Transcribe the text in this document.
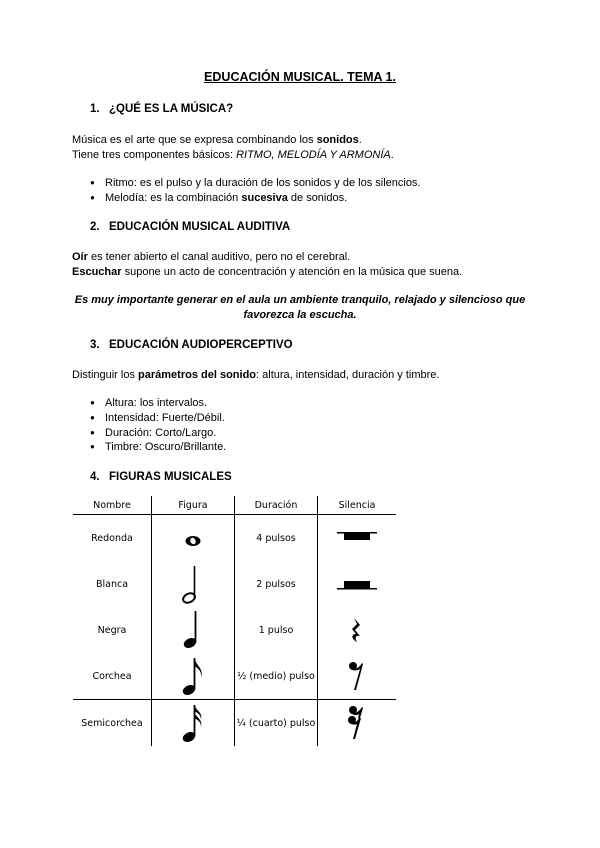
EDUCACIÓN MUSICAL. TEMA 1.
1. ¿QUÉ ES LA MÚSICA?
Música es el arte que se expresa combinando los sonidos.
Tiene tres componentes básicos: RITMO, MELODÍA Y ARMONÍA.
● Ritmo: es el pulso y la duración de los sonidos y de los silencios.
● Melodía: es la combinación sucesiva de sonidos.
2. EDUCACIÓN MUSICAL AUDITIVA
Oír es tener abierto el canal auditivo, pero no el cerebral.
Escuchar supone un acto de concentración y atención en la música que suena.
Es muy importante generar en el aula un ambiente tranquilo, relajado y silencioso que
favorezca la escucha.
3. EDUCACIÓN AUDIOPERCEPTIVO
Distinguir los parámetros del sonido: altura, intensidad, duración y timbre.
● Altura: los intervalos.
● Intensidad: Fuerte/Débil.
● Duración: Corto/Largo.
● Timbre: Oscuro/Brillante.
4. FIGURAS MUSICALES
Nombre	Figura	Duración	Silencia
Redonda		4 pulsos	

Blanca		2 pulsos	

Negra		1 pulso	

Corchea		½ (medio) pulso	

Semicorchea		¼ (cuarto) pulso	
